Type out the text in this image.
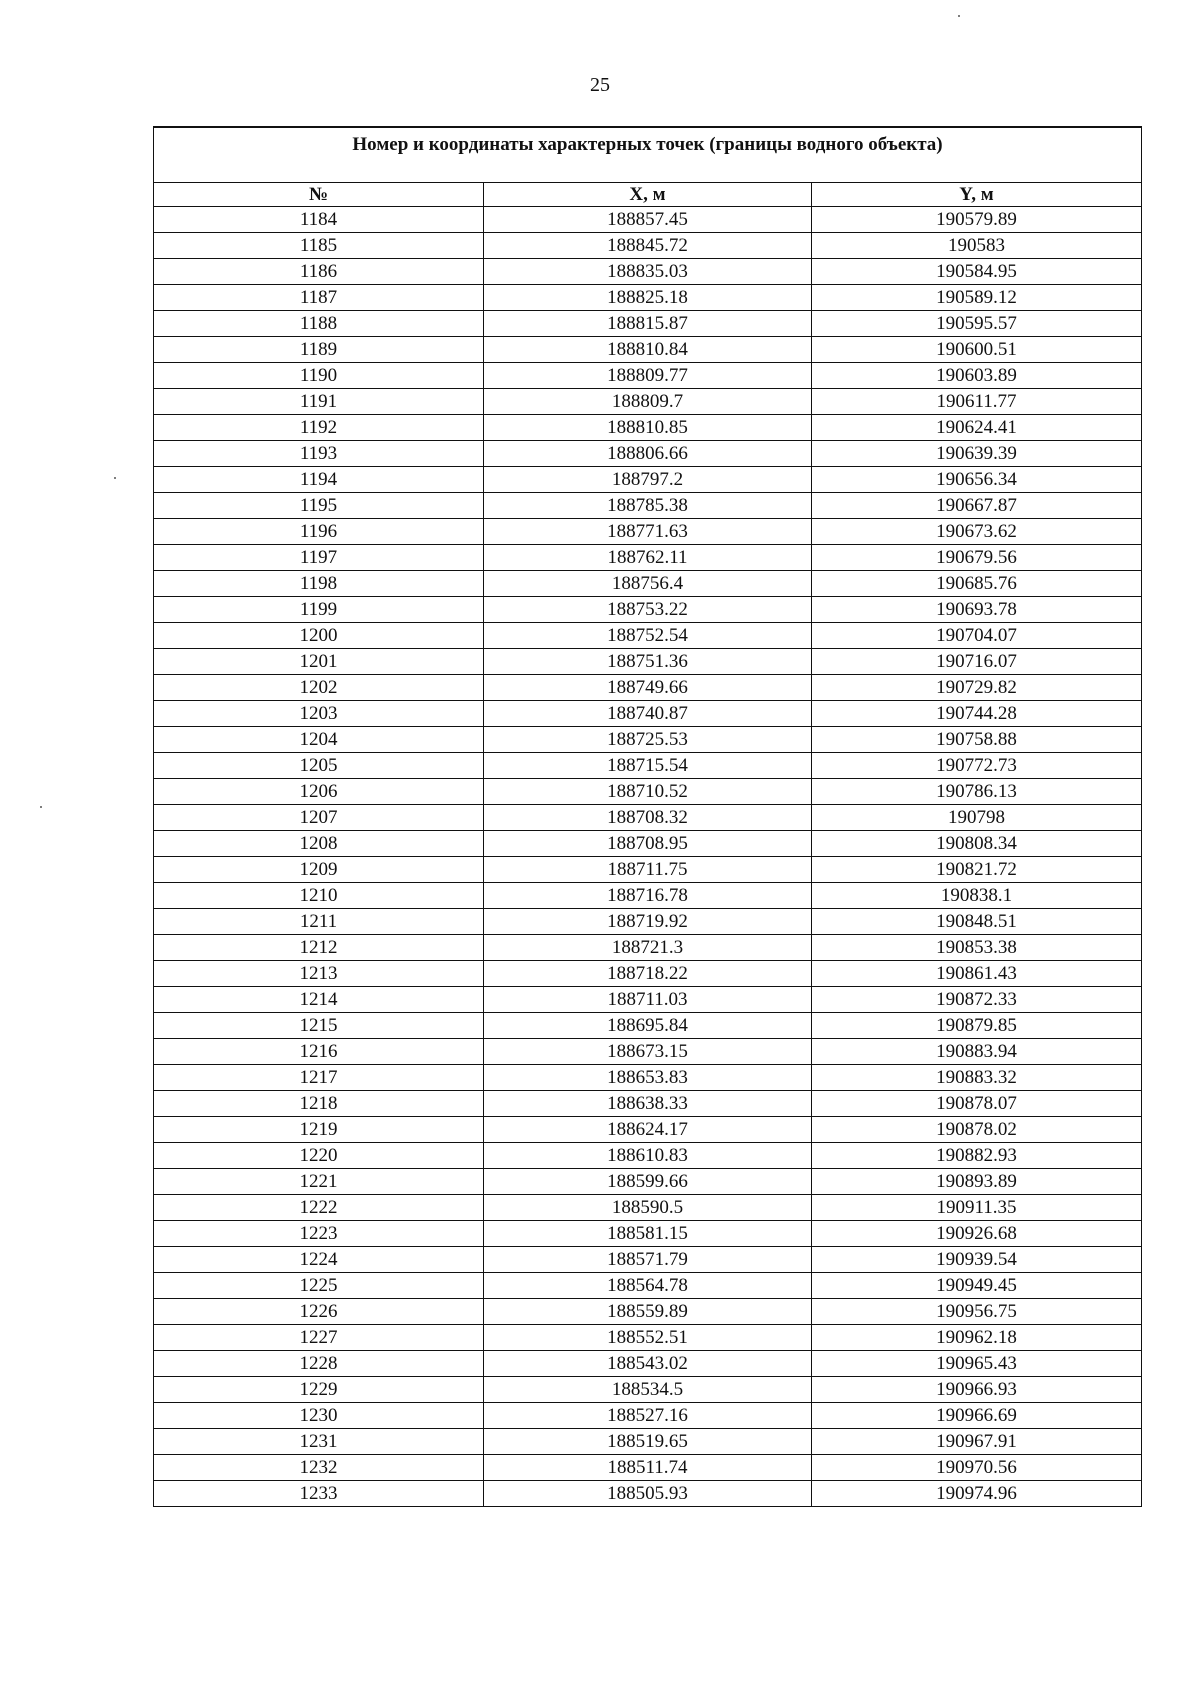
25
Номер и координаты характерных точек (границы водного объекта)		
№	X, м	Y, м
1184	188857.45	190579.89
1185	188845.72	190583
1186	188835.03	190584.95
1187	188825.18	190589.12
1188	188815.87	190595.57
1189	188810.84	190600.51
1190	188809.77	190603.89
1191	188809.7	190611.77
1192	188810.85	190624.41
1193	188806.66	190639.39
1194	188797.2	190656.34
1195	188785.38	190667.87
1196	188771.63	190673.62
1197	188762.11	190679.56
1198	188756.4	190685.76
1199	188753.22	190693.78
1200	188752.54	190704.07
1201	188751.36	190716.07
1202	188749.66	190729.82
1203	188740.87	190744.28
1204	188725.53	190758.88
1205	188715.54	190772.73
1206	188710.52	190786.13
1207	188708.32	190798
1208	188708.95	190808.34
1209	188711.75	190821.72
1210	188716.78	190838.1
1211	188719.92	190848.51
1212	188721.3	190853.38
1213	188718.22	190861.43
1214	188711.03	190872.33
1215	188695.84	190879.85
1216	188673.15	190883.94
1217	188653.83	190883.32
1218	188638.33	190878.07
1219	188624.17	190878.02
1220	188610.83	190882.93
1221	188599.66	190893.89
1222	188590.5	190911.35
1223	188581.15	190926.68
1224	188571.79	190939.54
1225	188564.78	190949.45
1226	188559.89	190956.75
1227	188552.51	190962.18
1228	188543.02	190965.43
1229	188534.5	190966.93
1230	188527.16	190966.69
1231	188519.65	190967.91
1232	188511.74	190970.56
1233	188505.93	190974.96
